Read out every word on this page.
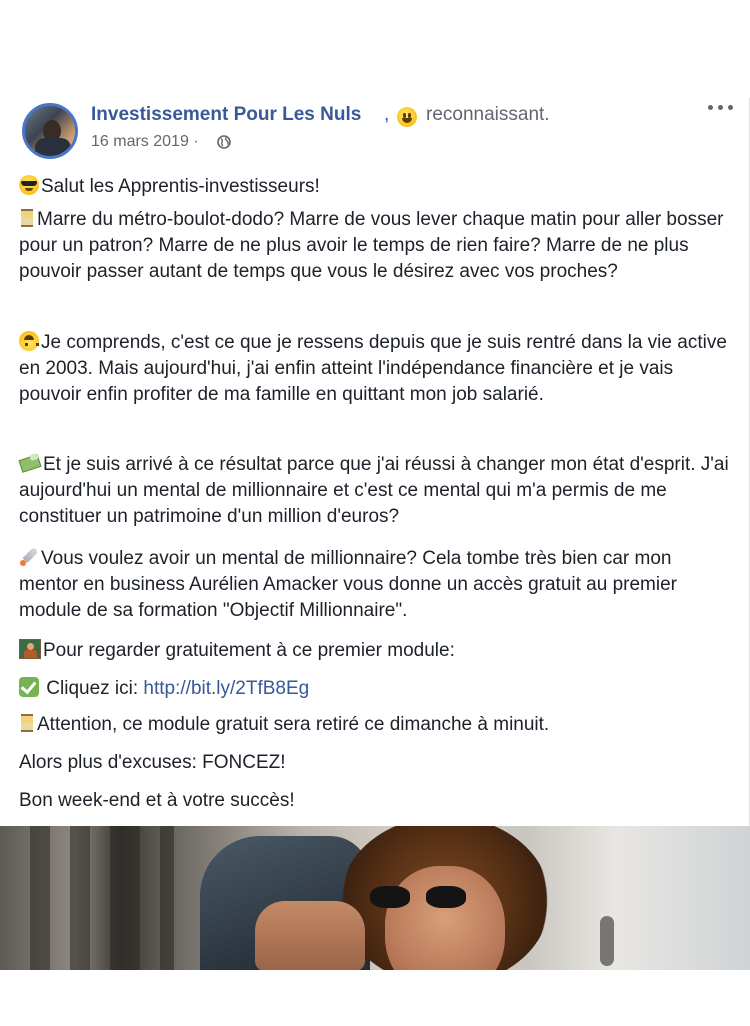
Investissement Pour Les Nuls , reconnaissant.
16 mars 2019 ·

Salut les Apprentis-investisseurs!

Marre du métro-boulot-dodo? Marre de vous lever chaque matin pour aller bosser pour un patron? Marre de ne plus avoir le temps de rien faire? Marre de ne plus pouvoir passer autant de temps que vous le désirez avec vos proches?

Je comprends, c'est ce que je ressens depuis que je suis rentré dans la vie active en 2003. Mais aujourd'hui, j'ai enfin atteint l'indépendance financière et je vais pouvoir enfin profiter de ma famille en quittant mon job salarié.

Et je suis arrivé à ce résultat parce que j'ai réussi à changer mon état d'esprit. J'ai aujourd'hui un mental de millionnaire et c'est ce mental qui m'a permis de me constituer un patrimoine d'un million d'euros?

Vous voulez avoir un mental de millionnaire? Cela tombe très bien car mon mentor en business Aurélien Amacker vous donne un accès gratuit au premier module de sa formation "Objectif Millionnaire".

Pour regarder gratuitement à ce premier module:

Cliquez ici: http://bit.ly/2TfB8Eg

Attention, ce module gratuit sera retiré ce dimanche à minuit.

Alors plus d'excuses: FONCEZ!

Bon week-end et à votre succès!
